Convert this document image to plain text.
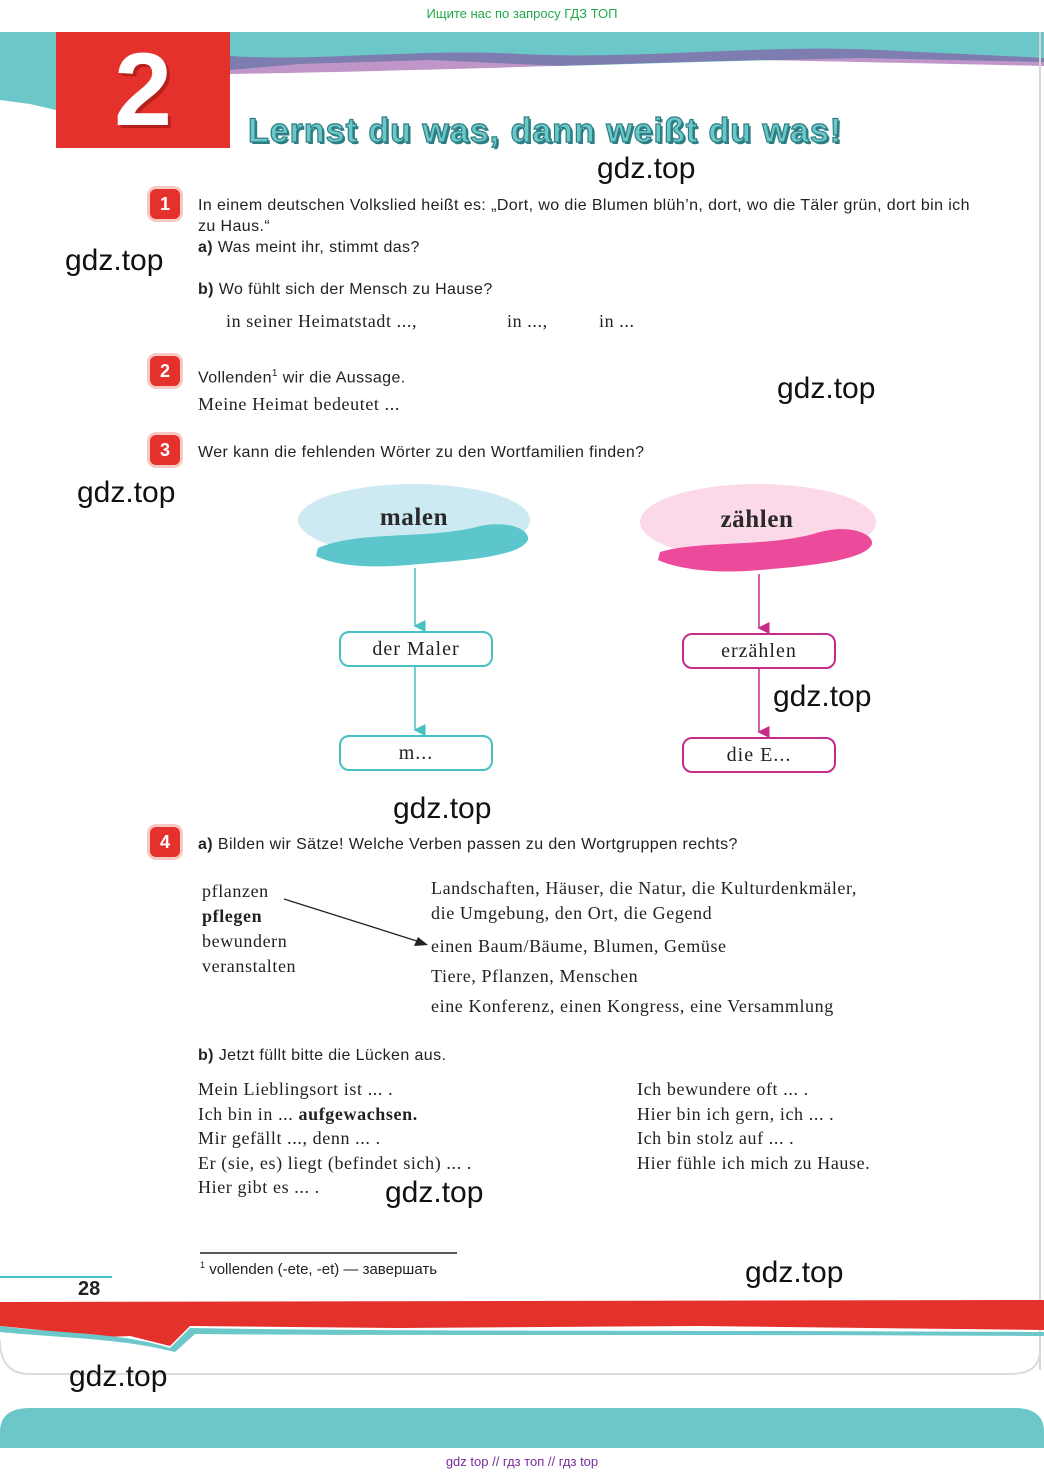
Ищите нас по запросу ГДЗ ТОП
2 Lernst du was, dann weißt du was!
gdz.top
gdz.top
gdz.top
gdz.top
gdz.top
gdz.top
gdz.top
gdz.top
gdz.top
1	In einem deutschen Volkslied heißt es: „Dort, wo die Blumen blüh’n, dort, wo die Täler grün, dort bin ich zu Haus.“
a) Was meint ihr, stimmt das?
b) Wo fühlt sich der Mensch zu Hause?
in seiner Heimatstadt ...,	in ...,	in ...
2	Vollenden$^1$ wir die Aussage.
Meine Heimat bedeutet ...
3	Wer kann die fehlenden Wörter zu den Wortfamilien finden?
malen	zählen
der Maler
m...
erzählen
die E...
4	a) Bilden wir Sätze! Welche Verben passen zu den Wortgruppen rechts?
pflanzen
pflegen
bewundern
veranstalten
Landschaften, Häuser, die Natur, die Kulturdenkmäler,
die Umgebung, den Ort, die Gegend
einen Baum/Bäume, Blumen, Gemüse
Tiere, Pflanzen, Menschen
eine Konferenz, einen Kongress, eine Versammlung
b) Jetzt füllt bitte die Lücken aus.
Mein Lieblingsort ist ... .
Ich bin in ... aufgewachsen.
Mir gefällt ..., denn ... .
Er (sie, es) liegt (befindet sich) ... .
Hier gibt es ... .
Ich bewundere oft ... .
Hier bin ich gern, ich ... .
Ich bin stolz auf ... .
Hier fühle ich mich zu Hause.
$^1$ vollenden (-ete, -et) — завершать
28
gdz top // гдз топ // гдз top
